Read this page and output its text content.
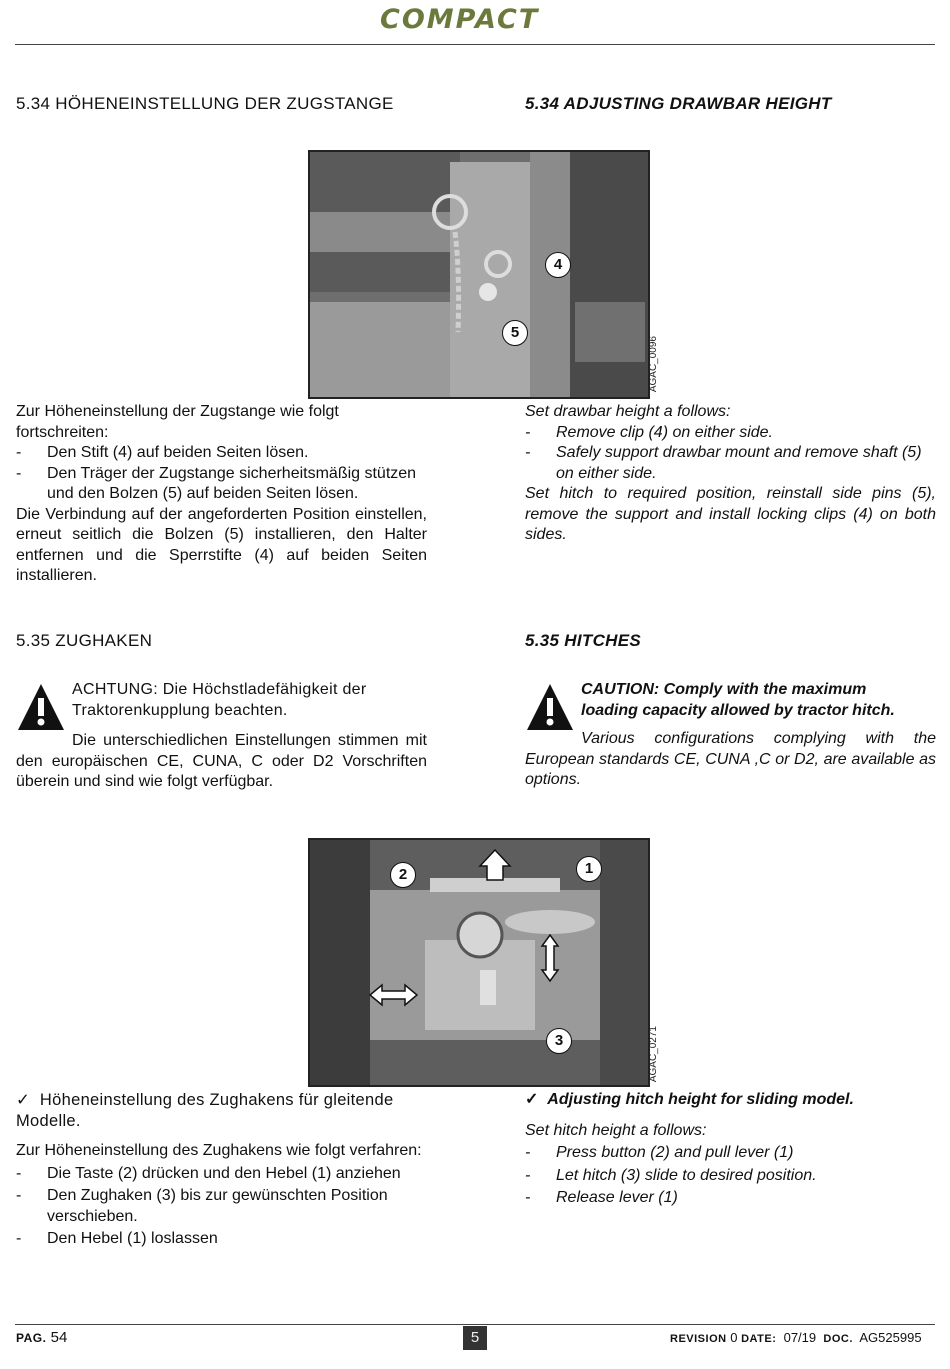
COMPACT
5.34 HÖHENEINSTELLUNG DER ZUGSTANGE	5.34 ADJUSTING DRAWBAR HEIGHT
4
5
AGAC_0096
Zur Höheneinstellung der Zugstange wie folgt fortschreiten:
- Den Stift (4) auf beiden Seiten lösen.
- Den Träger der Zugstange sicherheitsmäßig stützen und den Bolzen (5) auf beiden Seiten lösen.
Die Verbindung auf der angeforderten Position einstellen, erneut seitlich die Bolzen (5) installieren, den Halter entfernen und die Sperrstifte (4) auf beiden Seiten installieren.
Set drawbar height a follows:
- Remove clip (4) on either side.
- Safely support drawbar mount and remove shaft (5) on either side.
Set hitch to required position, reinstall side pins (5), remove the support and install locking clips (4) on both sides.
5.35 ZUGHAKEN	5.35 HITCHES
ACHTUNG: Die Höchstladefähigkeit der Traktorenkupplung beachten.
Die unterschiedlichen Einstellungen stimmen mit den europäischen CE, CUNA, C oder D2 Vorschriften überein und sind wie folgt verfügbar.
CAUTION: Comply with the maximum loading capacity allowed by tractor hitch.
Various configurations complying with the European standards CE, CUNA ,C or D2, are available as options.
2	1
3	AGAC_0271
✓ Höheneinstellung des Zughakens für gleitende Modelle.
Zur Höheneinstellung des Zughakens wie folgt verfahren:
- Die Taste (2) drücken und den Hebel (1) anziehen
- Den Zughaken (3) bis zur gewünschten Position verschieben.
- Den Hebel (1) loslassen
✓ Adjusting hitch height for sliding model.
Set hitch height a follows:
- Press button (2) and pull lever (1)
- Let hitch (3) slide to desired position.
- Release lever (1)
PAG. 54	5	REVISION 0 DATE: 07/19 DOC. AG525995
